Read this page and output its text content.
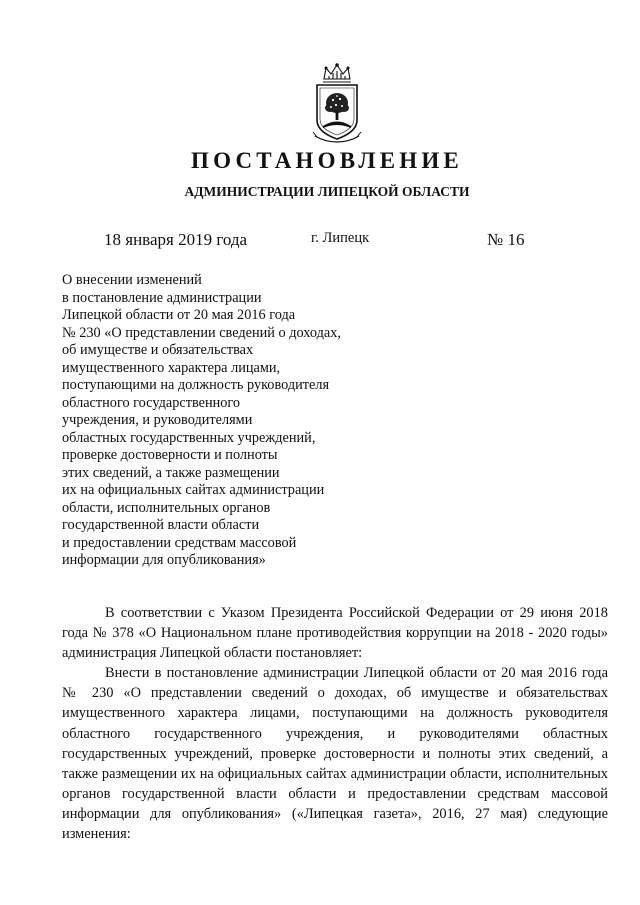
ПОСТАНОВЛЕНИЕ
АДМИНИСТРАЦИИ ЛИПЕЦКОЙ ОБЛАСТИ
18 января 2019 года	г. Липецк	№ 16
О внесении изменений
в постановление администрации
Липецкой области от 20 мая 2016 года
№ 230 «О представлении сведений о доходах,
об имуществе и обязательствах
имущественного характера лицами,
поступающими на должность руководителя
областного государственного
учреждения, и руководителями
областных государственных учреждений,
проверке достоверности и полноты
этих сведений, а также размещении
их на официальных сайтах администрации
области, исполнительных органов
государственной власти области
и предоставлении средствам массовой
информации для опубликования»

В соответствии с Указом Президента Российской Федерации от 29 июня 2018 года № 378 «О Национальном плане противодействия коррупции на 2018 - 2020 годы» администрация Липецкой области постановляет:

Внести в постановление администрации Липецкой области от 20 мая 2016 года № 230 «О представлении сведений о доходах, об имуществе и обязательствах имущественного характера лицами, поступающими на должность руководителя областного государственного учреждения, и руководителями областных государственных учреждений, проверке достоверности и полноты этих сведений, а также размещении их на официальных сайтах администрации области, исполнительных органов государственной власти области и предоставлении средствам массовой информации для опубликования» («Липецкая газета», 2016, 27 мая) следующие изменения:
